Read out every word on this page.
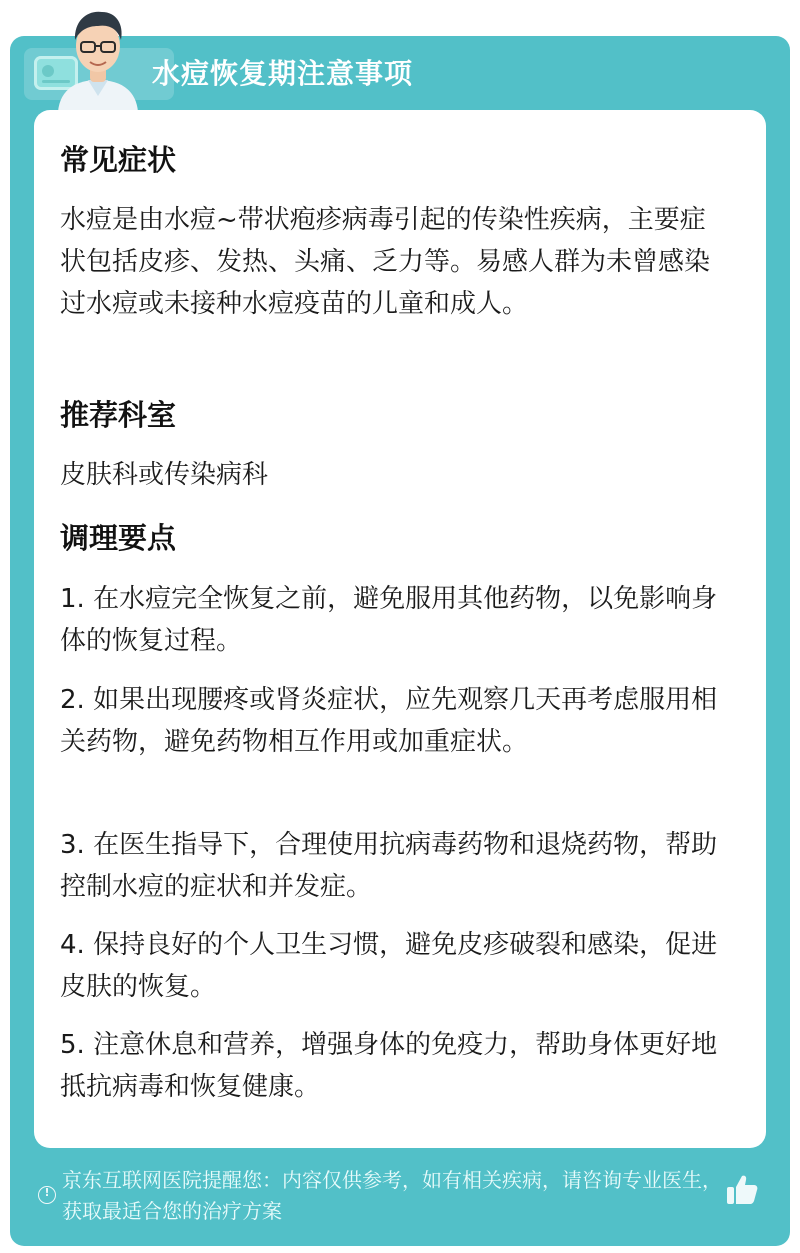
水痘恢复期注意事项
常见症状
水痘是由水痘~带状疱疹病毒引起的传染性疾病，主要症状包括皮疹、发热、头痛、乏力等。易感人群为未曾感染过水痘或未接种水痘疫苗的儿童和成人。
推荐科室
皮肤科或传染病科
调理要点
1. 在水痘完全恢复之前，避免服用其他药物，以免影响身体的恢复过程。
2. 如果出现腰疼或肾炎症状，应先观察几天再考虑服用相关药物，避免药物相互作用或加重症状。
3. 在医生指导下，合理使用抗病毒药物和退烧药物，帮助控制水痘的症状和并发症。
4. 保持良好的个人卫生习惯，避免皮疹破裂和感染，促进皮肤的恢复。
5. 注意休息和营养，增强身体的免疫力，帮助身体更好地抵抗病毒和恢复健康。
!
京东互联网医院提醒您：内容仅供参考，如有相关疾病，请咨询专业医生，获取最适合您的治疗方案
